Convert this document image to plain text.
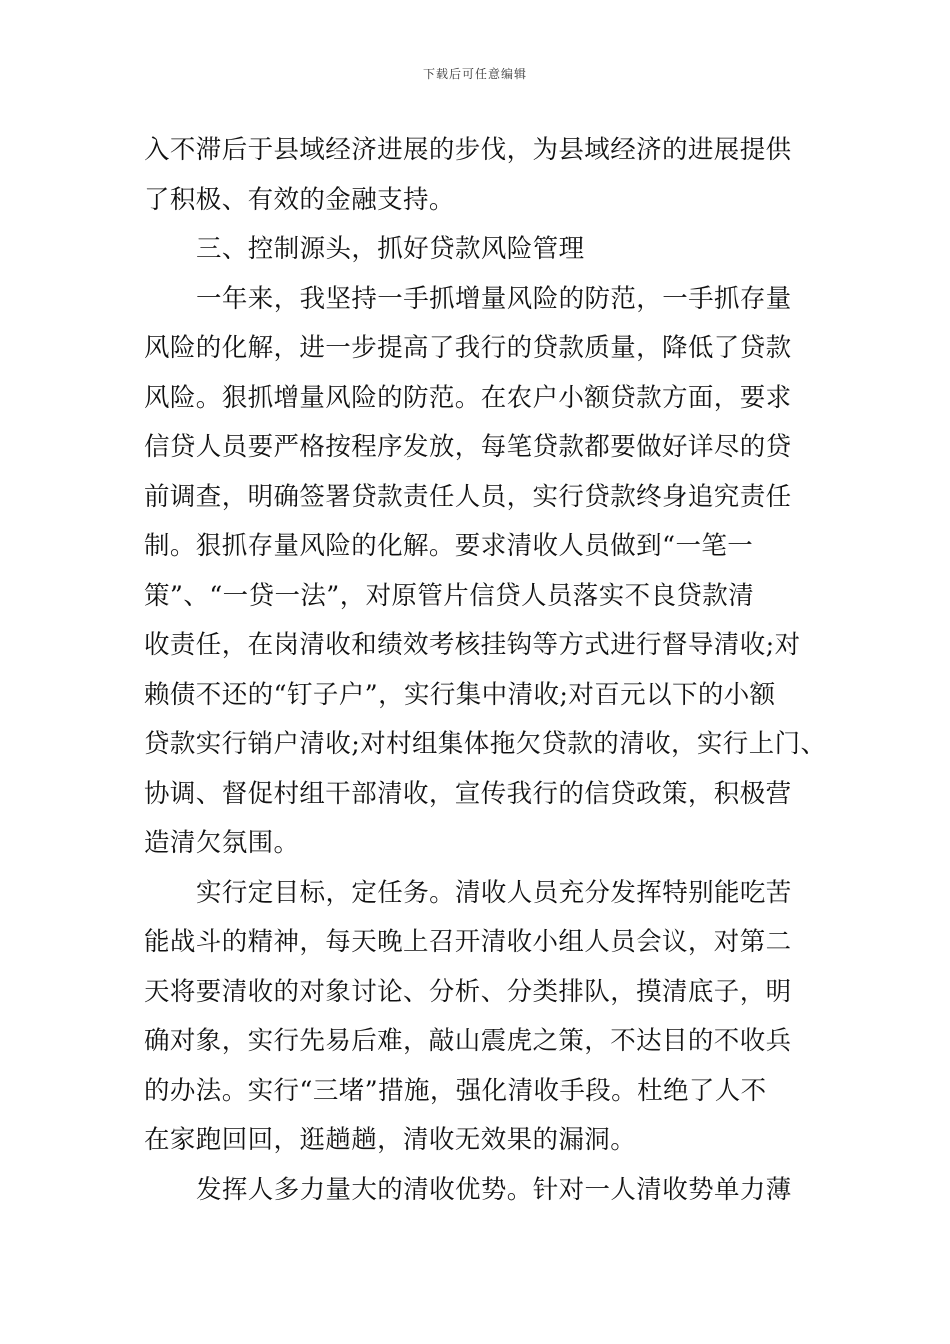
下载后可任意编辑
入不滞后于县域经济进展的步伐，为县域经济的进展提供
了积极、有效的金融支持。
三、控制源头，抓好贷款风险管理
一年来，我坚持一手抓增量风险的防范，一手抓存量
风险的化解，进一步提高了我行的贷款质量，降低了贷款
风险。狠抓增量风险的防范。在农户小额贷款方面，要求
信贷人员要严格按程序发放，每笔贷款都要做好详尽的贷
前调查，明确签署贷款责任人员，实行贷款终身追究责任
制。狠抓存量风险的化解。要求清收人员做到“一笔一
策”、“一贷一法”，对原管片信贷人员落实不良贷款清
收责任，在岗清收和绩效考核挂钩等方式进行督导清收;对
赖债不还的“钉子户”，实行集中清收;对百元以下的小额
贷款实行销户清收;对村组集体拖欠贷款的清收，实行上门、
协调、督促村组干部清收，宣传我行的信贷政策，积极营
造清欠氛围。
实行定目标，定任务。清收人员充分发挥特别能吃苦
能战斗的精神，每天晚上召开清收小组人员会议，对第二
天将要清收的对象讨论、分析、分类排队，摸清底子，明
确对象，实行先易后难，敲山震虎之策，不达目的不收兵
的办法。实行“三堵”措施，强化清收手段。杜绝了人不
在家跑回回，逛趟趟，清收无效果的漏洞。
发挥人多力量大的清收优势。针对一人清收势单力薄
